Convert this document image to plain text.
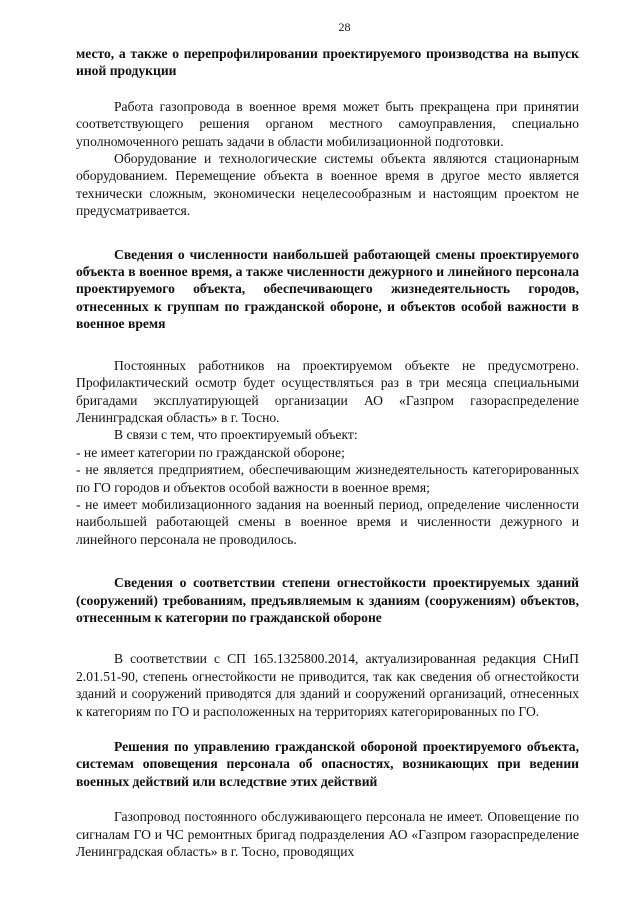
28

место, а также о перепрофилировании проектируемого производства на выпуск иной продукции

Работа газопровода в военное время может быть прекращена при принятии соответствующего решения органом местного самоуправления, специально уполномоченного решать задачи в области мобилизационной подготовки.

Оборудование и технологические системы объекта являются стационарным оборудованием. Перемещение объекта в военное время в другое место является технически сложным, экономически нецелесообразным и настоящим проектом не предусматривается.

Сведения о численности наибольшей работающей смены проектируемого объекта в военное время, а также численности дежурного и линейного персонала проектируемого объекта, обеспечивающего жизнедеятельность городов, отнесенных к группам по гражданской обороне, и объектов особой важности в военное время

Постоянных работников на проектируемом объекте не предусмотрено. Профилактический осмотр будет осуществляться раз в три месяца специальными бригадами эксплуатирующей организации АО «Газпром газораспределение Ленинградская область» в г. Тосно.

В связи с тем, что проектируемый объект:

- не имеет категории по гражданской обороне;

- не является предприятием, обеспечивающим жизнедеятельность категорированных по ГО городов и объектов особой важности в военное время;

- не имеет мобилизационного задания на военный период, определение численности наибольшей работающей смены в военное время и численности дежурного и линейного персонала не проводилось.

Сведения о соответствии степени огнестойкости проектируемых зданий (сооружений) требованиям, предъявляемым к зданиям (сооружениям) объектов, отнесенным к категории по гражданской обороне

В соответствии с СП 165.1325800.2014, актуализированная редакция СНиП 2.01.51-90, степень огнестойкости не приводится, так как сведения об огнестойкости зданий и сооружений приводятся для зданий и сооружений организаций, отнесенных к категориям по ГО и расположенных на территориях категорированных по ГО.

Решения по управлению гражданской обороной проектируемого объекта, системам оповещения персонала об опасностях, возникающих при ведении военных действий или вследствие этих действий

Газопровод постоянного обслуживающего персонала не имеет. Оповещение по сигналам ГО и ЧС ремонтных бригад подразделения АО «Газпром газораспределение Ленинградская область» в г. Тосно, проводящих
